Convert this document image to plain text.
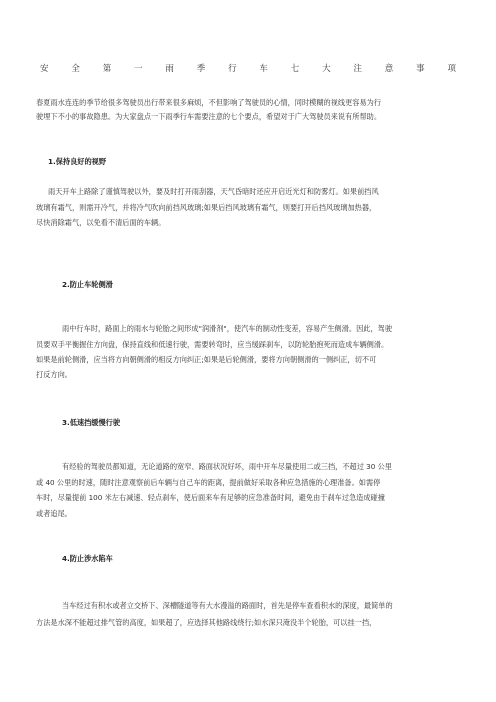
安	全	第	一	雨	季	行	车	七	大	注	意	事	项
春夏雨水连连的季节给很多驾驶员出行带来很多麻烦，不但影响了驾驶员的心情，同时模糊的视线更容易为行
驶埋下不小的事故隐患。为大家盘点一下雨季行车需要注意的七个要点，希望对于广大驾驶员来说有所帮助。
1.保持良好的视野
雨天开车上路除了谨慎驾驶以外，要及时打开雨刮器，天气昏暗时还应开启近光灯和防雾灯。如果前挡风
玻璃有霜气，则需开冷气，并将冷气吹向前挡风玻璃;如果后挡风玻璃有霜气，则要打开后挡风玻璃加热器，
尽快消除霜气，以免看不清后面的车辆。
2.防止车轮侧滑
雨中行车时，路面上的雨水与轮胎之间形成"润滑剂"，使汽车的制动性变差，容易产生侧滑。因此，驾驶
员要双手平衡握住方向盘，保持直线和低速行驶，需要转弯时，应当缓踩刹车，以防轮胎抱死而造成车辆侧滑。
如果是前轮侧滑，应当将方向朝侧滑的相反方向纠正;如果是后轮侧滑，要将方向朝侧滑的一侧纠正，切不可
打反方向。
3.低速挡缓慢行驶
有经验的驾驶员都知道，无论道路的宽窄、路面状况好坏，雨中开车尽量使用二或三挡，不超过 30 公里
或 40 公里的时速，随时注意观察前后车辆与自己车的距离，提前做好采取各种应急措施的心理准备。如需停
车时，尽量提前 100 米左右减速、轻点刹车，使后面来车有足够的应急准备时间，避免由于刹车过急造成碰撞
或者追尾。
4.防止涉水陷车
当车经过有积水或者立交桥下、深槽隧道等有大水漫溢的路面时，首先是停车查看积水的深度，最简单的
方法是水深不能超过排气管的高度，如果超了，应选择其他路线绕行;如水深只淹没半个轮胎，可以挂一挡，
